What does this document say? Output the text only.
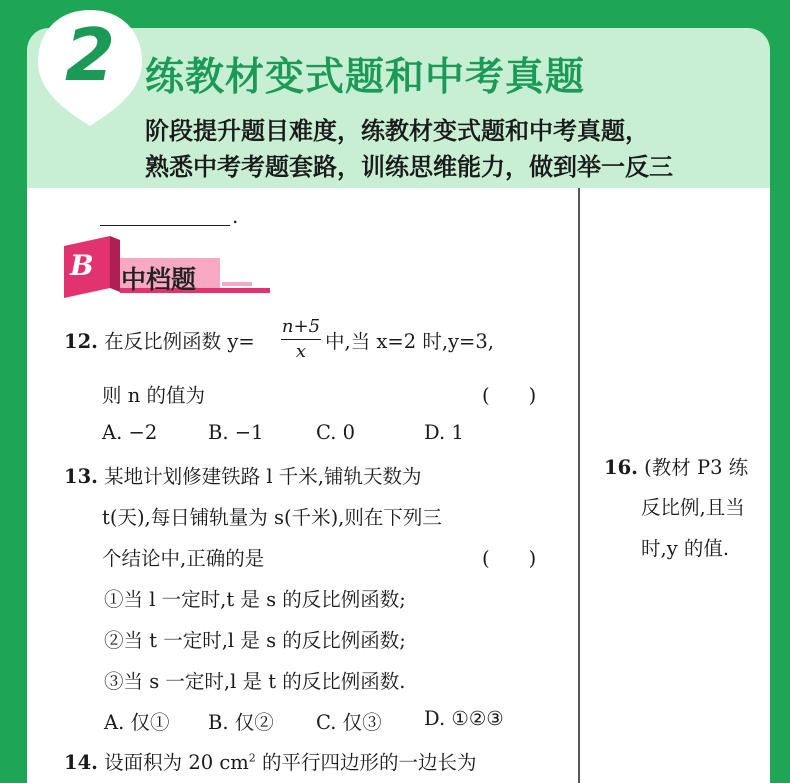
2 练教材变式题和中考真题
阶段提升题目难度，练教材变式题和中考真题，
熟悉中考考题套路，训练思维能力，做到举一反三
.
B 中档题
12. 在反比例函数 y=
n+5
x 中,当 x=2 时,y=3,
则 n 的值为	(　　)
A. −2	B. −1	C. 0	D. 1
13. 某地计划修建铁路 l 千米,铺轨天数为
t(天),每日铺轨量为 s(千米),则在下列三
个结论中,正确的是	(　　)
①当 l 一定时,t 是 s 的反比例函数;
②当 t 一定时,l 是 s 的反比例函数;
③当 s 一定时,l 是 t 的反比例函数.
A. 仅① B. 仅② C. 仅③ D. ①②③
14. 设面积为 20 $cm^2$ 的平行四边形的一边长为
16. (教材 P3 练
反比例,且当
时,y 的值.
